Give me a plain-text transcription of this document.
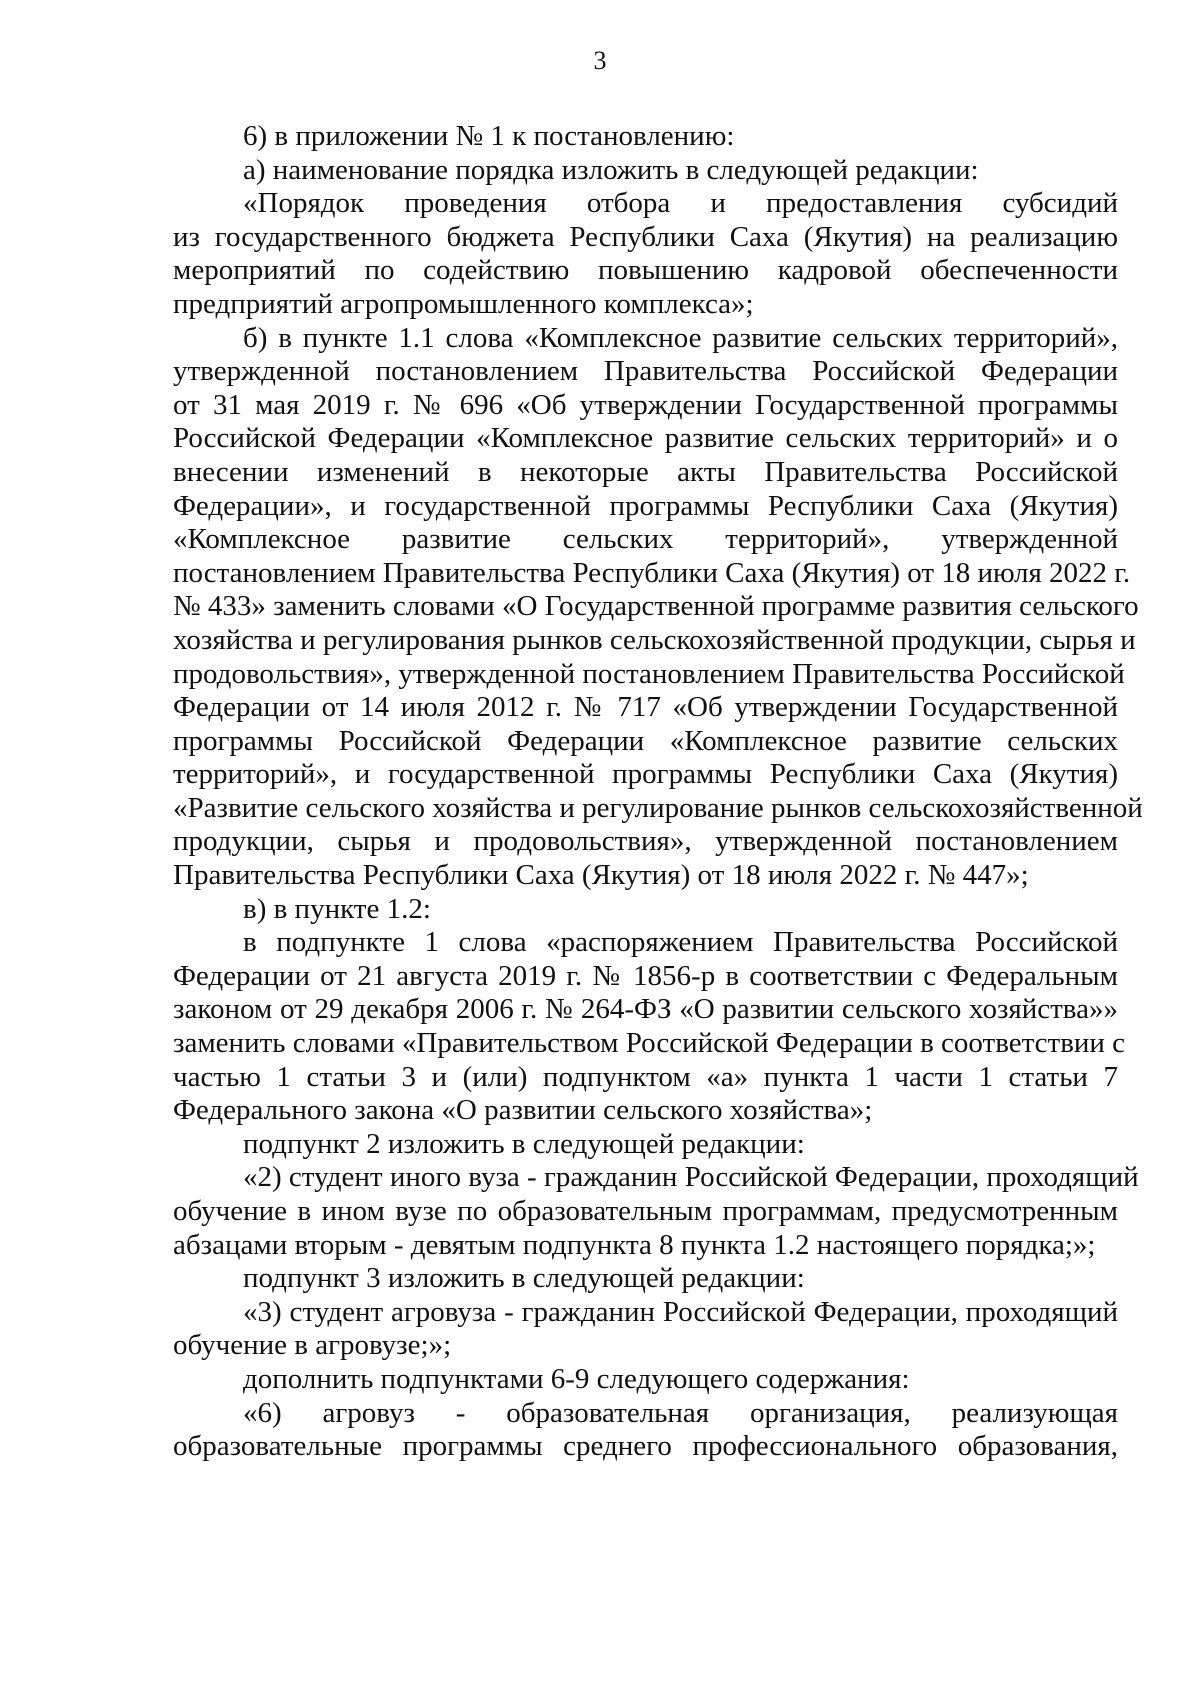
3
6) в приложении № 1 к постановлению:
а) наименование порядка изложить в следующей редакции:
«Порядок проведения отбора и предоставления субсидий
из государственного бюджета Республики Саха (Якутия) на реализацию
мероприятий по содействию повышению кадровой обеспеченности
предприятий агропромышленного комплекса»;
б) в пункте 1.1 слова «Комплексное развитие сельских территорий»,
утвержденной постановлением Правительства Российской Федерации
от 31 мая 2019 г. № 696 «Об утверждении Государственной программы
Российской Федерации «Комплексное развитие сельских территорий» и о
внесении изменений в некоторые акты Правительства Российской
Федерации», и государственной программы Республики Саха (Якутия)
«Комплексное развитие сельских территорий», утвержденной
постановлением Правительства Республики Саха (Якутия) от 18 июля 2022 г.
№ 433» заменить словами «О Государственной программе развития сельского
хозяйства и регулирования рынков сельскохозяйственной продукции, сырья и
продовольствия», утвержденной постановлением Правительства Российской
Федерации от 14 июля 2012 г. № 717 «Об утверждении Государственной
программы Российской Федерации «Комплексное развитие сельских
территорий», и государственной программы Республики Саха (Якутия)
«Развитие сельского хозяйства и регулирование рынков сельскохозяйственной
продукции, сырья и продовольствия», утвержденной постановлением
Правительства Республики Саха (Якутия) от 18 июля 2022 г. № 447»;
в) в пункте 1.2:
в подпункте 1 слова «распоряжением Правительства Российской
Федерации от 21 августа 2019 г. № 1856-р в соответствии с Федеральным
законом от 29 декабря 2006 г. № 264-ФЗ «О развитии сельского хозяйства»»
заменить словами «Правительством Российской Федерации в соответствии с
частью 1 статьи 3 и (или) подпунктом «а» пункта 1 части 1 статьи 7
Федерального закона «О развитии сельского хозяйства»;
подпункт 2 изложить в следующей редакции:
«2) студент иного вуза - гражданин Российской Федерации, проходящий
обучение в ином вузе по образовательным программам, предусмотренным
абзацами вторым - девятым подпункта 8 пункта 1.2 настоящего порядка;»;
подпункт 3 изложить в следующей редакции:
«3) студент агровуза - гражданин Российской Федерации, проходящий
обучение в агровузе;»;
дополнить подпунктами 6-9 следующего содержания:
«6) агровуз - образовательная организация, реализующая
образовательные программы среднего профессионального образования,
